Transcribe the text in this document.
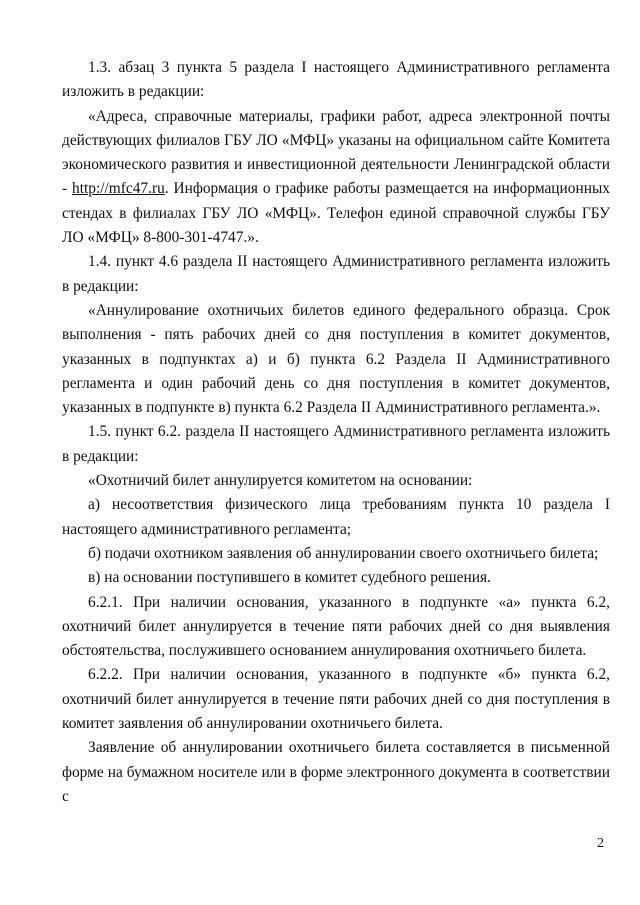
1.3. абзац 3 пункта 5 раздела I настоящего Административного регламента изложить в редакции:

«Адреса, справочные материалы, графики работ, адреса электронной почты действующих филиалов ГБУ ЛО «МФЦ» указаны на официальном сайте Комитета экономического развития и инвестиционной деятельности Ленинградской области - http://mfc47.ru. Информация о графике работы размещается на информационных стендах в филиалах ГБУ ЛО «МФЦ». Телефон единой справочной службы ГБУ ЛО «МФЦ» 8-800-301-4747.».

1.4. пункт 4.6 раздела II настоящего Административного регламента изложить в редакции:

«Аннулирование охотничьих билетов единого федерального образца. Срок выполнения - пять рабочих дней со дня поступления в комитет документов, указанных в подпунктах а) и б) пункта 6.2 Раздела II Административного регламента и один рабочий день со дня поступления в комитет документов, указанных в подпункте в) пункта 6.2 Раздела II Административного регламента.».

1.5. пункт 6.2. раздела II настоящего Административного регламента изложить в редакции:

«Охотничий билет аннулируется комитетом на основании:

а) несоответствия физического лица требованиям пункта 10 раздела I настоящего административного регламента;

б) подачи охотником заявления об аннулировании своего охотничьего билета;

в) на основании поступившего в комитет судебного решения.

6.2.1. При наличии основания, указанного в подпункте «а» пункта 6.2, охотничий билет аннулируется в течение пяти рабочих дней со дня выявления обстоятельства, послужившего основанием аннулирования охотничьего билета.

6.2.2. При наличии основания, указанного в подпункте «б» пункта 6.2, охотничий билет аннулируется в течение пяти рабочих дней со дня поступления в комитет заявления об аннулировании охотничьего билета.

Заявление об аннулировании охотничьего билета составляется в письменной форме на бумажном носителе или в форме электронного документа в соответствии с

2
